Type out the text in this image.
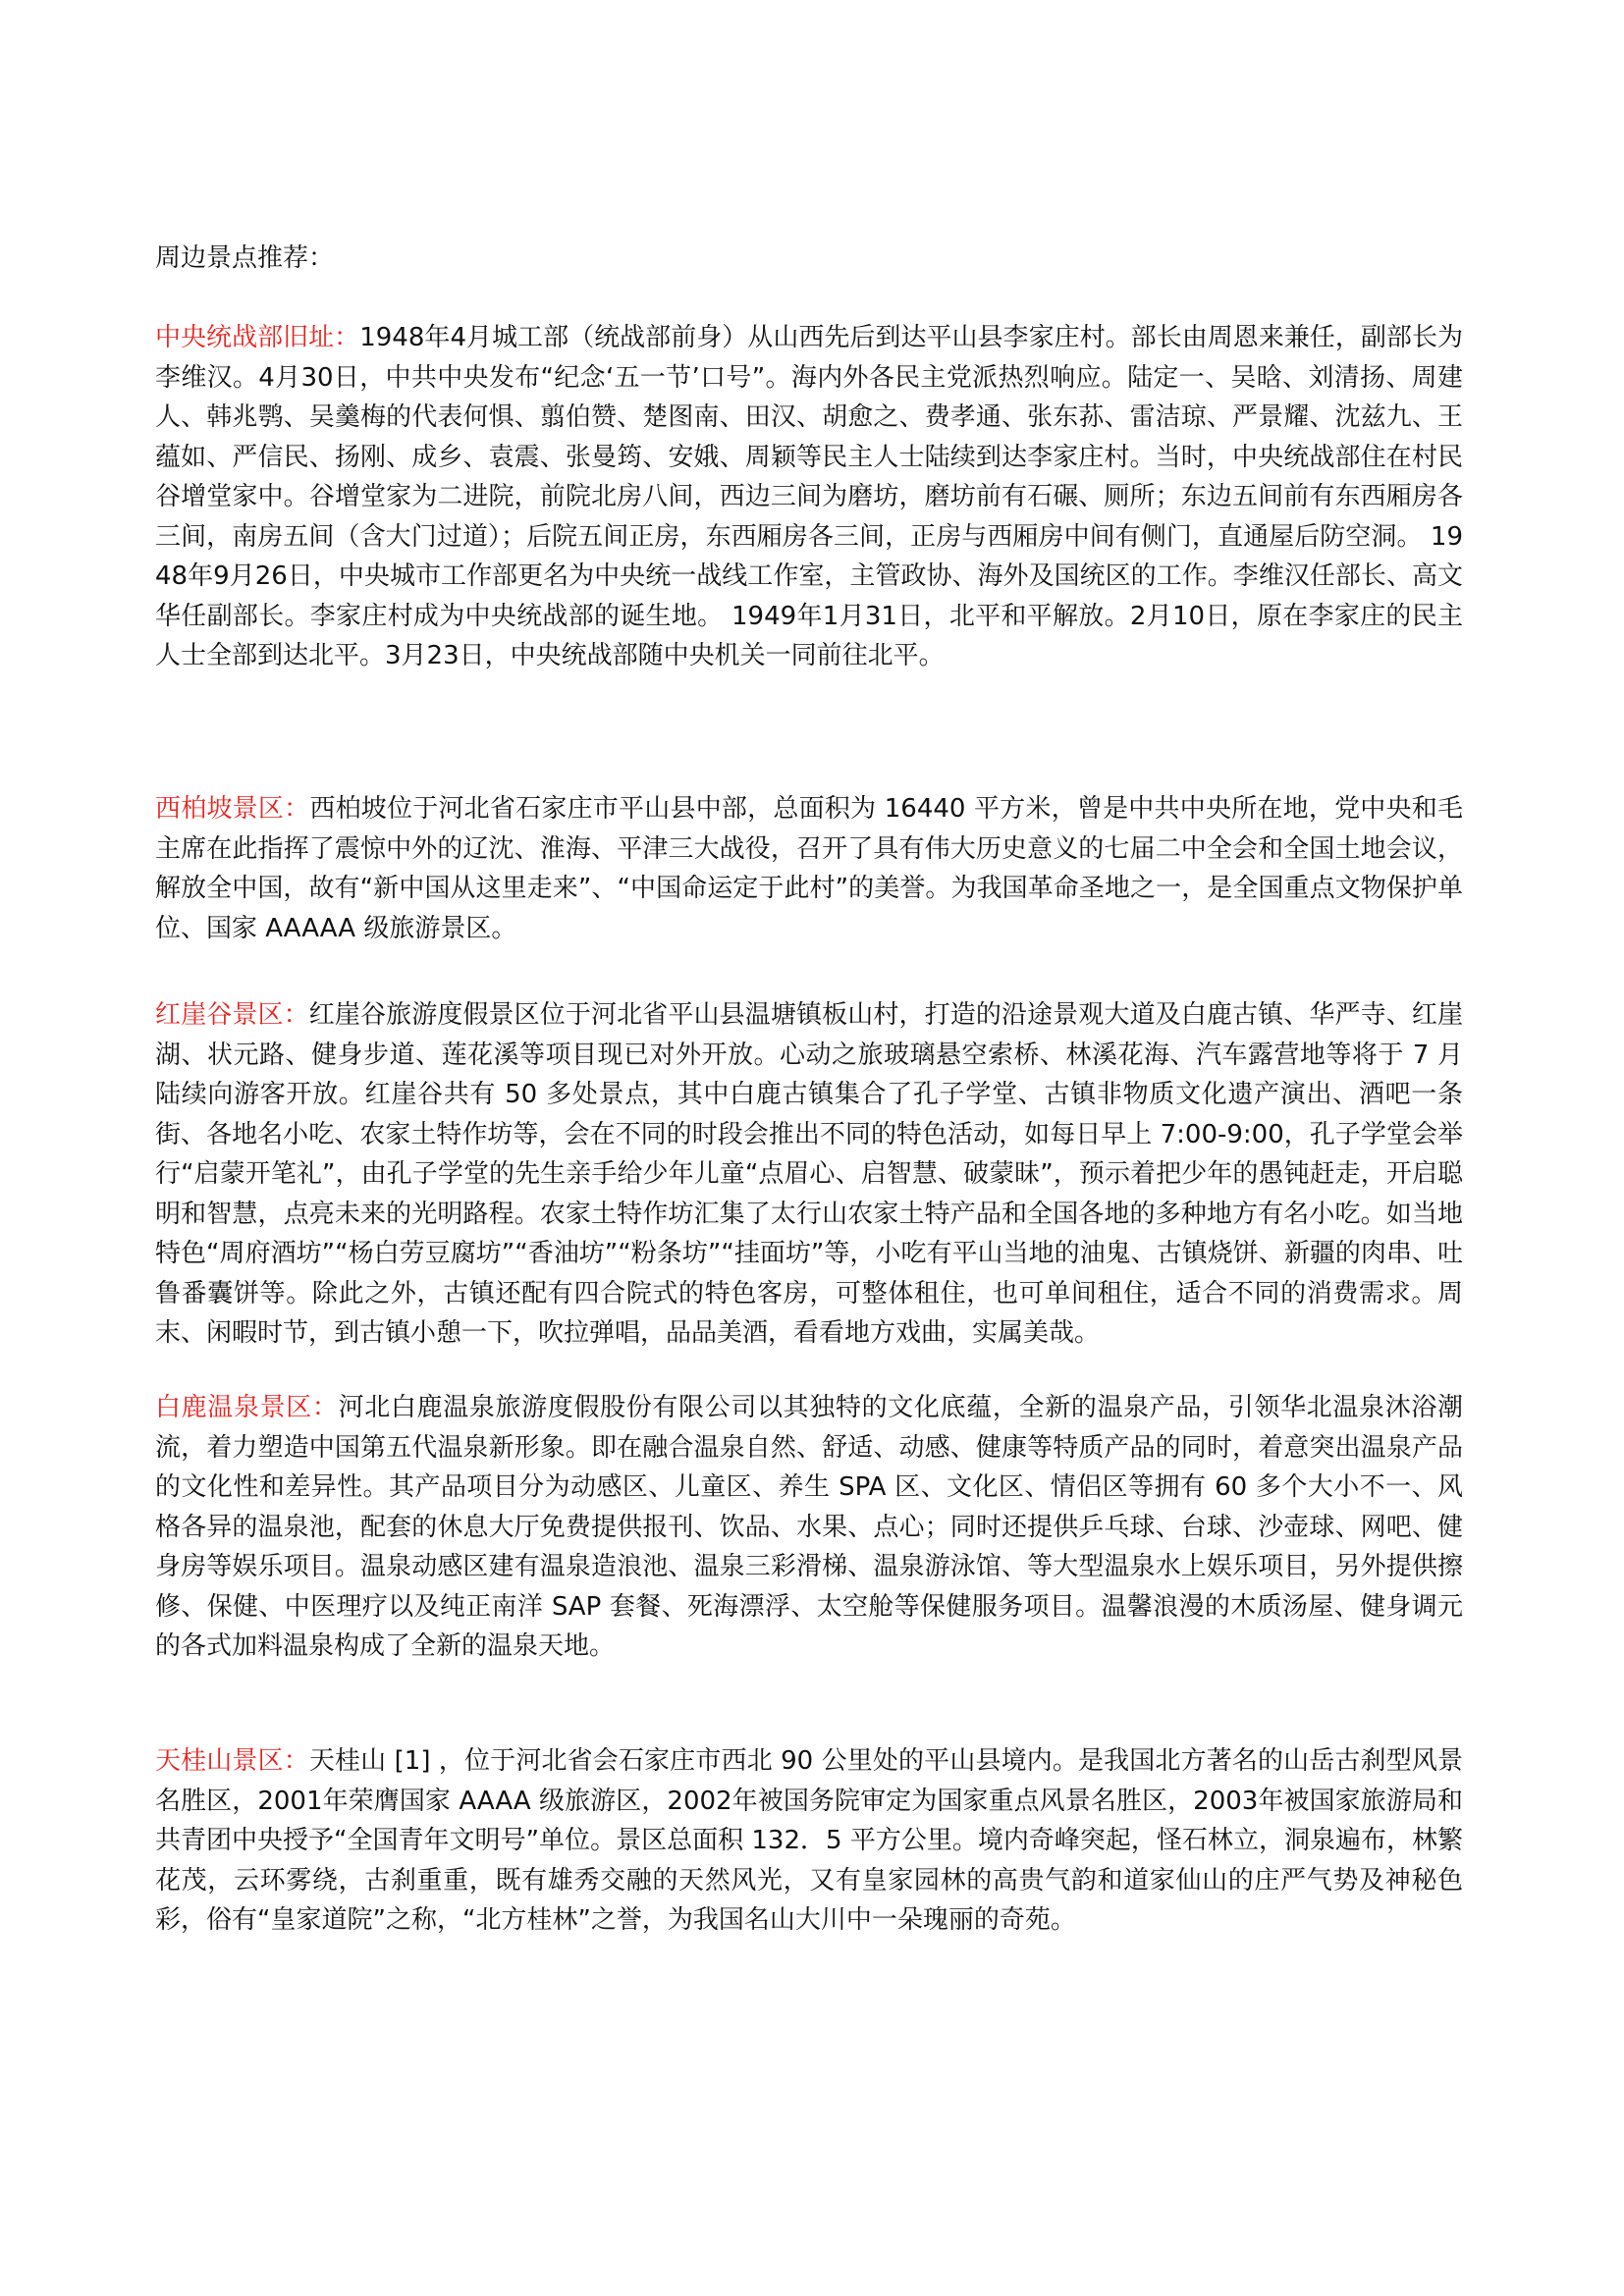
周边景点推荐：

中央统战部旧址：1948年4月城工部（统战部前身）从山西先后到达平山县李家庄村。部长由周恩来兼任，副部长为李维汉。4月30日，中共中央发布“纪念‘五一节’口号”。海内外各民主党派热烈响应。陆定一、吴晗、刘清扬、周建人、韩兆鹗、吴羹梅的代表何惧、翦伯赞、楚图南、田汉、胡愈之、费孝通、张东荪、雷洁琼、严景耀、沈兹九、王蕴如、严信民、扬刚、成乡、袁震、张曼筠、安娥、周颖等民主人士陆续到达李家庄村。当时，中央统战部住在村民谷增堂家中。谷增堂家为二进院，前院北房八间，西边三间为磨坊，磨坊前有石碾、厕所；东边五间前有东西厢房各三间，南房五间（含大门过道）；后院五间正房，东西厢房各三间，正房与西厢房中间有侧门，直通屋后防空洞。 1948年9月26日，中央城市工作部更名为中央统一战线工作室，主管政协、海外及国统区的工作。李维汉任部长、高文华任副部长。李家庄村成为中央统战部的诞生地。 1949年1月31日，北平和平解放。2月10日，原在李家庄的民主人士全部到达北平。3月23日，中央统战部随中央机关一同前往北平。

西柏坡景区：西柏坡位于河北省石家庄市平山县中部，总面积为 16440 平方米，曾是中共中央所在地，党中央和毛主席在此指挥了震惊中外的辽沈、淮海、平津三大战役，召开了具有伟大历史意义的七届二中全会和全国土地会议，解放全中国，故有“新中国从这里走来”、“中国命运定于此村”的美誉。为我国革命圣地之一，是全国重点文物保护单位、国家 AAAAA 级旅游景区。

红崖谷景区：红崖谷旅游度假景区位于河北省平山县温塘镇板山村，打造的沿途景观大道及白鹿古镇、华严寺、红崖湖、状元路、健身步道、莲花溪等项目现已对外开放。心动之旅玻璃悬空索桥、林溪花海、汽车露营地等将于 7 月陆续向游客开放。红崖谷共有 50 多处景点，其中白鹿古镇集合了孔子学堂、古镇非物质文化遗产演出、酒吧一条街、各地名小吃、农家土特作坊等，会在不同的时段会推出不同的特色活动，如每日早上 7:00-9:00，孔子学堂会举行“启蒙开笔礼”，由孔子学堂的先生亲手给少年儿童“点眉心、启智慧、破蒙昧”，预示着把少年的愚钝赶走，开启聪明和智慧，点亮未来的光明路程。农家土特作坊汇集了太行山农家土特产品和全国各地的多种地方有名小吃。如当地特色“周府酒坊”“杨白劳豆腐坊”“香油坊”“粉条坊”“挂面坊”等，小吃有平山当地的油鬼、古镇烧饼、新疆的肉串、吐鲁番囊饼等。除此之外，古镇还配有四合院式的特色客房，可整体租住，也可单间租住，适合不同的消费需求。周末、闲暇时节，到古镇小憩一下，吹拉弹唱，品品美酒，看看地方戏曲，实属美哉。

白鹿温泉景区：河北白鹿温泉旅游度假股份有限公司以其独特的文化底蕴，全新的温泉产品，引领华北温泉沐浴潮流，着力塑造中国第五代温泉新形象。即在融合温泉自然、舒适、动感、健康等特质产品的同时，着意突出温泉产品的文化性和差异性。其产品项目分为动感区、儿童区、养生 SPA 区、文化区、情侣区等拥有 60 多个大小不一、风格各异的温泉池，配套的休息大厅免费提供报刊、饮品、水果、点心；同时还提供乒乓球、台球、沙壶球、网吧、健身房等娱乐项目。温泉动感区建有温泉造浪池、温泉三彩滑梯、温泉游泳馆、等大型温泉水上娱乐项目，另外提供擦修、保健、中医理疗以及纯正南洋 SAP 套餐、死海漂浮、太空舱等保健服务项目。温馨浪漫的木质汤屋、健身调元的各式加料温泉构成了全新的温泉天地。

天桂山景区：天桂山 [1] ，位于河北省会石家庄市西北 90 公里处的平山县境内。是我国北方著名的山岳古刹型风景名胜区，2001年荣膺国家 AAAA 级旅游区，2002年被国务院审定为国家重点风景名胜区，2003年被国家旅游局和共青团中央授予“全国青年文明号”单位。景区总面积 132．5 平方公里。境内奇峰突起，怪石林立，洞泉遍布，林繁花茂，云环雾绕，古刹重重，既有雄秀交融的天然风光，又有皇家园林的高贵气韵和道家仙山的庄严气势及神秘色彩，俗有“皇家道院”之称，“北方桂林”之誉，为我国名山大川中一朵瑰丽的奇苑。
